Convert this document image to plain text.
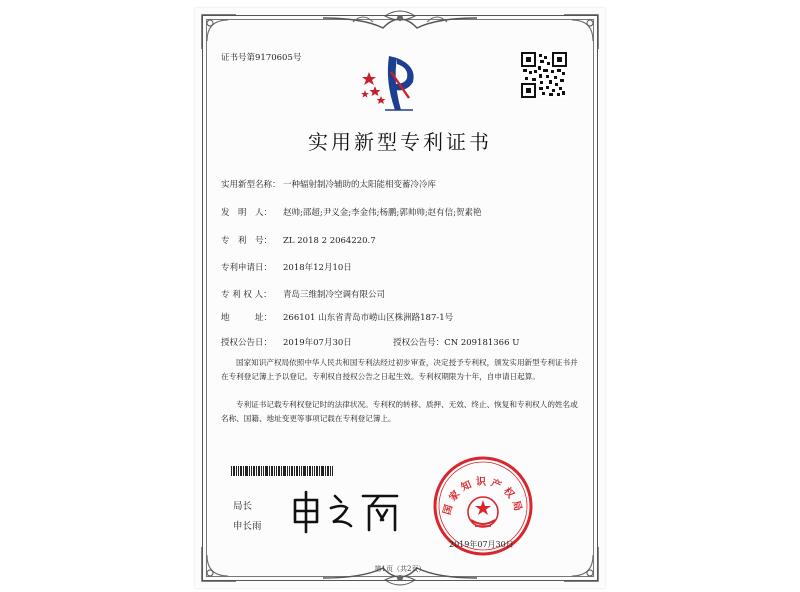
证书号第9170605号
实用新型专利证书
实用新型名称： 一种辐射制冷辅助的太阳能相变蓄冷冷库
发　明　人： 赵帅;邵超;尹义金;李金伟;杨鹏;郭帅帅;赵有信;贺素艳
专　利　号： ZL 2018 2 2064220.7
专利申请日： 2018年12月10日
专 利 权 人： 青岛三维制冷空调有限公司
地　　　址： 266101 山东省青岛市崂山区株洲路187-1号
授权公告日： 2019年07月30日	授权公告号：CN 209181366 U
国家知识产权局依照中华人民共和国专利法经过初步审查，决定授予专利权，颁发实用新型专利证书并在专利登记簿上予以登记。专利权自授权公告之日起生效。专利权期限为十年，自申请日起算。
专利证书记载专利权登记时的法律状况。专利权的转移、质押、无效、终止、恢复和专利权人的姓名或名称、国籍、地址变更等事项记载在专利登记簿上。
局长
申长雨
国家知识产权局
2019年07月30日
第1页（共2页）
